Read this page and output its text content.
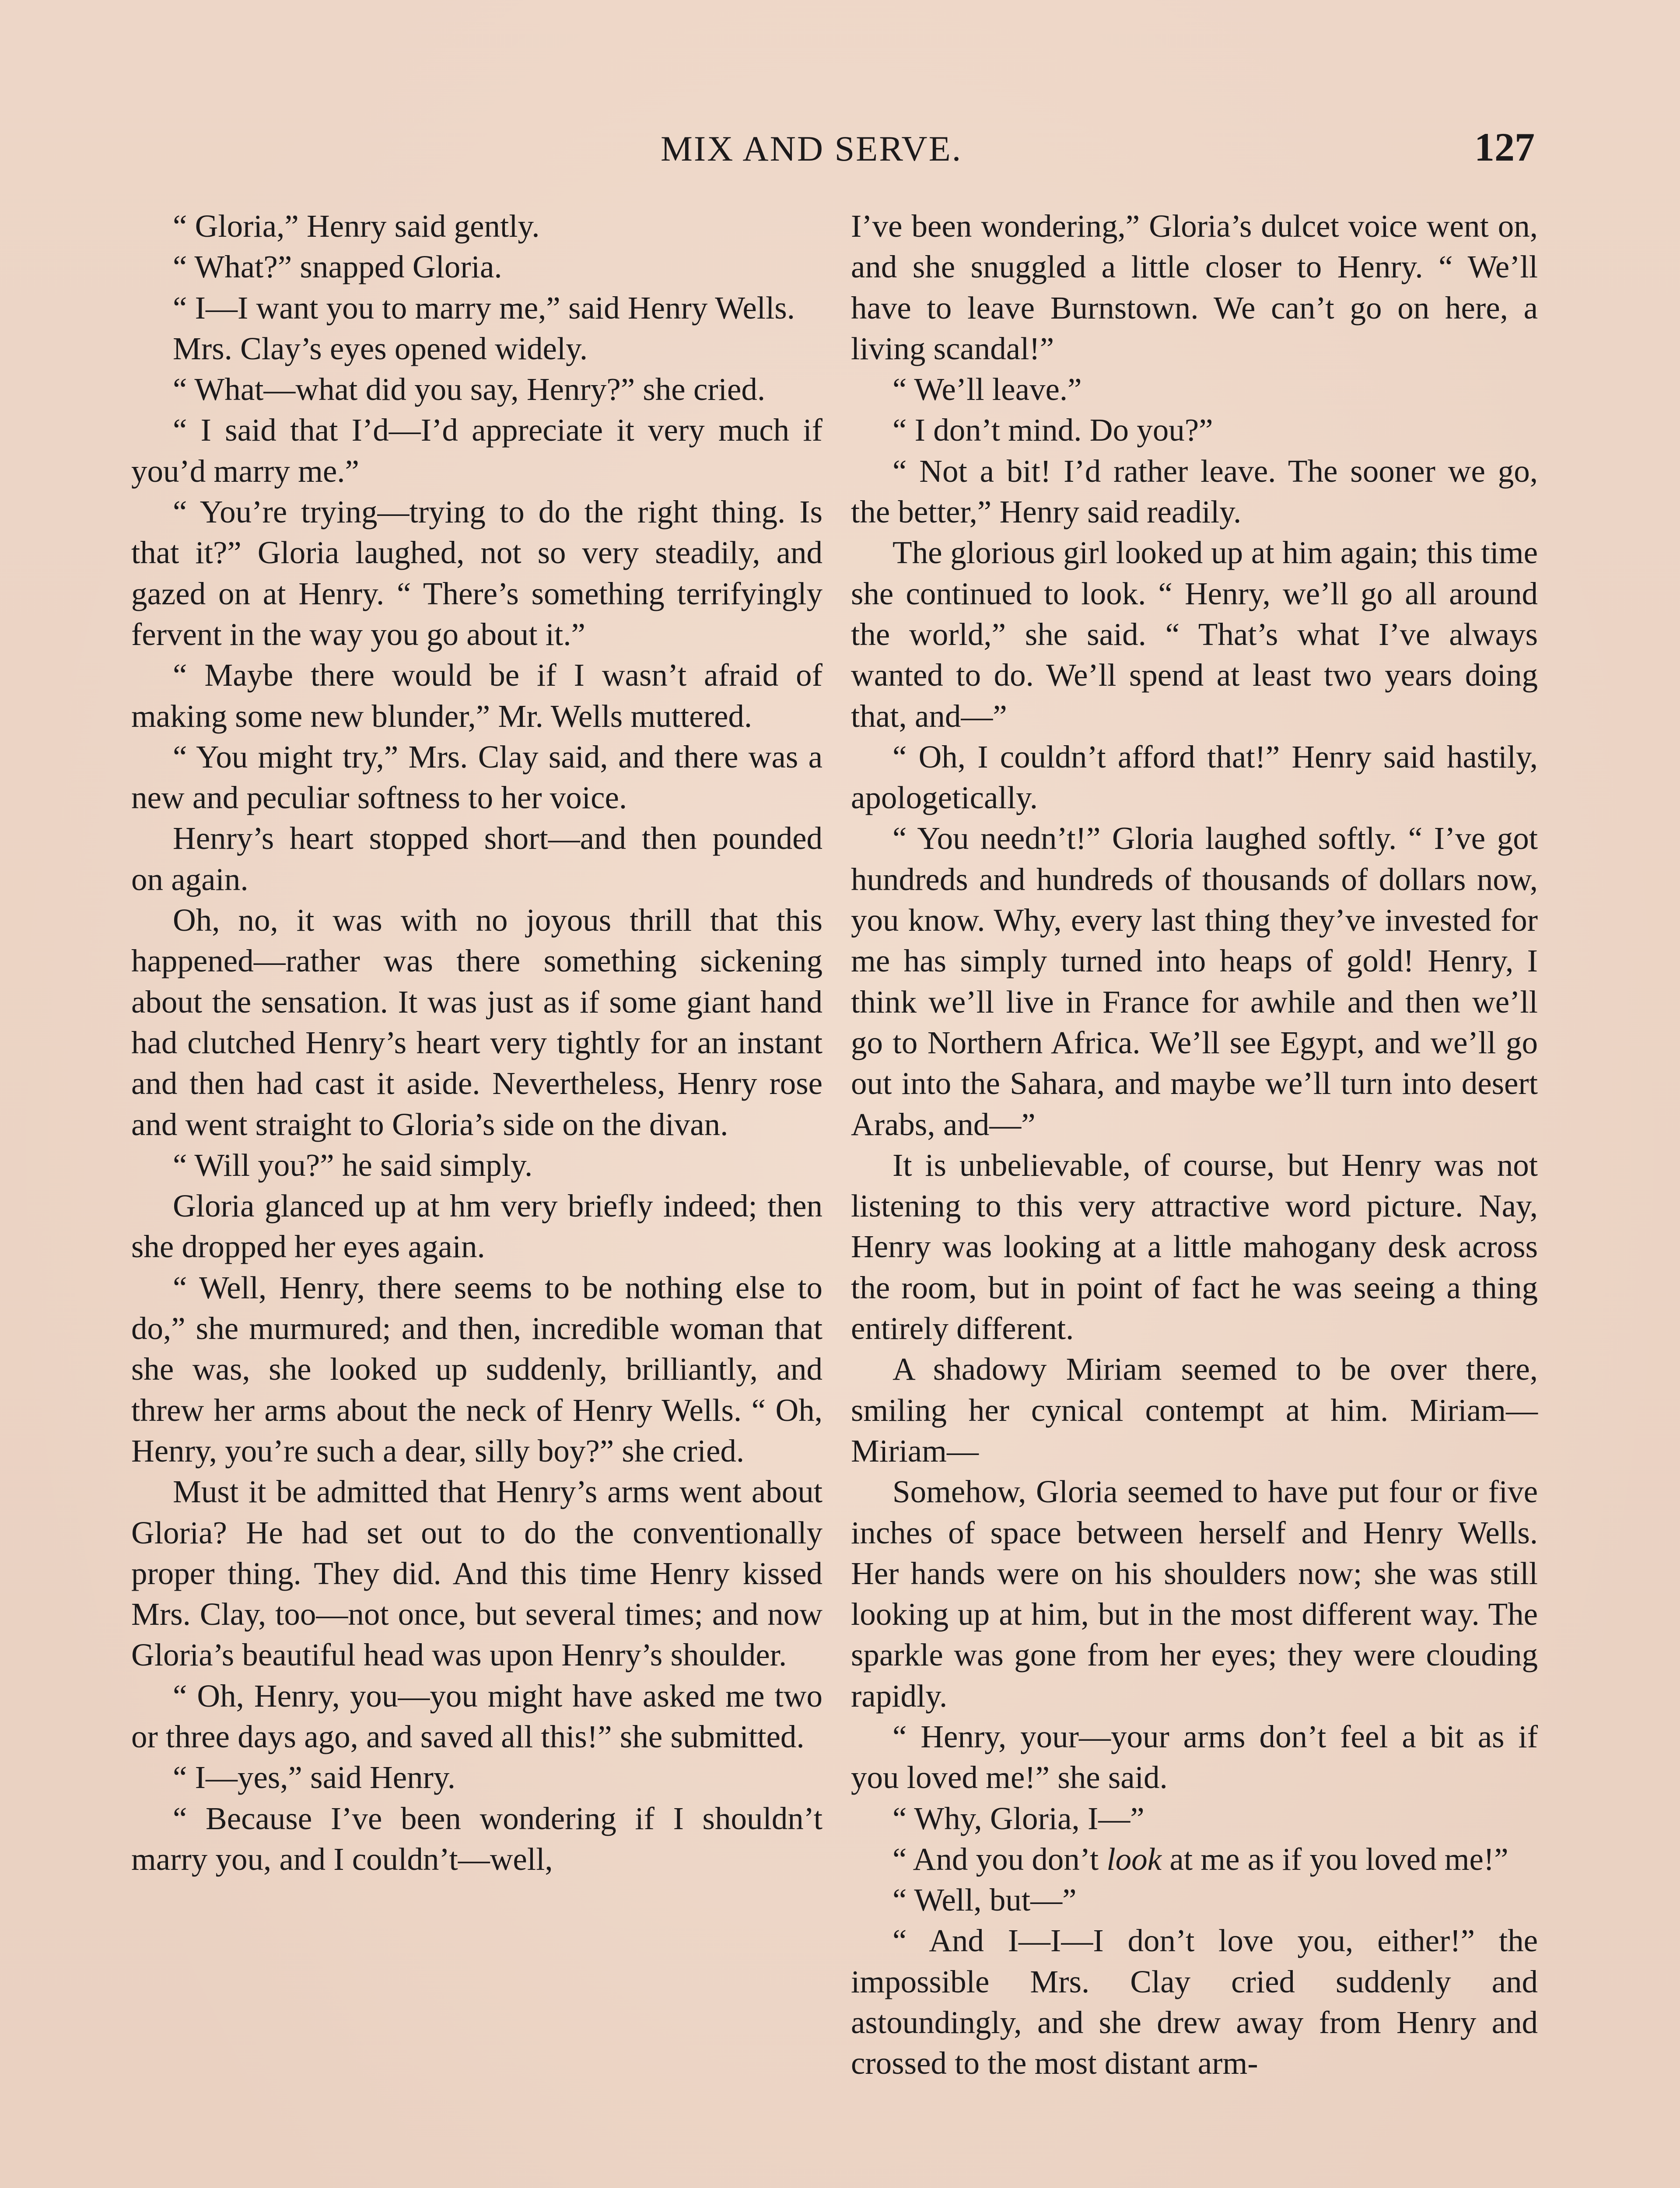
MIX AND SERVE.	127

“ Gloria,” Henry said gently.

“ What?” snapped Gloria.

“ I—I want you to marry me,” said Henry Wells.

Mrs. Clay’s eyes opened widely.

“ What—what did you say, Henry?” she cried.

“ I said that I’d—I’d appreciate it very much if you’d marry me.”

“ You’re trying—trying to do the right thing. Is that it?” Gloria laughed, not so very steadily, and gazed on at Henry. “ There’s something terrifyingly fervent in the way you go about it.”

“ Maybe there would be if I wasn’t afraid of making some new blunder,” Mr. Wells muttered.

“ You might try,” Mrs. Clay said, and there was a new and peculiar softness to her voice.

Henry’s heart stopped short—and then pounded on again.

Oh, no, it was with no joyous thrill that this happened—rather was there something sickening about the sensation. It was just as if some giant hand had clutched Henry’s heart very tightly for an instant and then had cast it aside. Nevertheless, Henry rose and went straight to Gloria’s side on the divan.

“ Will you?” he said simply.

Gloria glanced up at hm very briefly indeed; then she dropped her eyes again.

“ Well, Henry, there seems to be nothing else to do,” she murmured; and then, incredible woman that she was, she looked up suddenly, brilliantly, and threw her arms about the neck of Henry Wells. “ Oh, Henry, you’re such a dear, silly boy?” she cried.

Must it be admitted that Henry’s arms went about Gloria? He had set out to do the conventionally proper thing. They did. And this time Henry kissed Mrs. Clay, too—not once, but several times; and now Gloria’s beautiful head was upon Henry’s shoulder.

“ Oh, Henry, you—you might have asked me two or three days ago, and saved all this!” she submitted.

“ I—yes,” said Henry.

“ Because I’ve been wondering if I shouldn’t marry you, and I couldn’t—well,

I’ve been wondering,” Gloria’s dulcet voice went on, and she snuggled a little closer to Henry. “ We’ll have to leave Burnstown. We can’t go on here, a living scandal!”

“ We’ll leave.”

“ I don’t mind. Do you?”

“ Not a bit! I’d rather leave. The sooner we go, the better,” Henry said readily.

The glorious girl looked up at him again; this time she continued to look. “ Henry, we’ll go all around the world,” she said. “ That’s what I’ve always wanted to do. We’ll spend at least two years doing that, and—”

“ Oh, I couldn’t afford that!” Henry said hastily, apologetically.

“ You needn’t!” Gloria laughed softly. “ I’ve got hundreds and hundreds of thousands of dollars now, you know. Why, every last thing they’ve invested for me has simply turned into heaps of gold! Henry, I think we’ll live in France for awhile and then we’ll go to Northern Africa. We’ll see Egypt, and we’ll go out into the Sahara, and maybe we’ll turn into desert Arabs, and—”

It is unbelievable, of course, but Henry was not listening to this very attractive word picture. Nay, Henry was looking at a little mahogany desk across the room, but in point of fact he was seeing a thing entirely different.

A shadowy Miriam seemed to be over there, smiling her cynical contempt at him. Miriam—Miriam—

Somehow, Gloria seemed to have put four or five inches of space between herself and Henry Wells. Her hands were on his shoulders now; she was still looking up at him, but in the most different way. The sparkle was gone from her eyes; they were clouding rapidly.

“ Henry, your—your arms don’t feel a bit as if you loved me!” she said.

“ Why, Gloria, I—”

“ And you don’t look at me as if you loved me!”

“ Well, but—”

“ And I—I—I don’t love you, either!” the impossible Mrs. Clay cried suddenly and astoundingly, and she drew away from Henry and crossed to the most distant arm-
